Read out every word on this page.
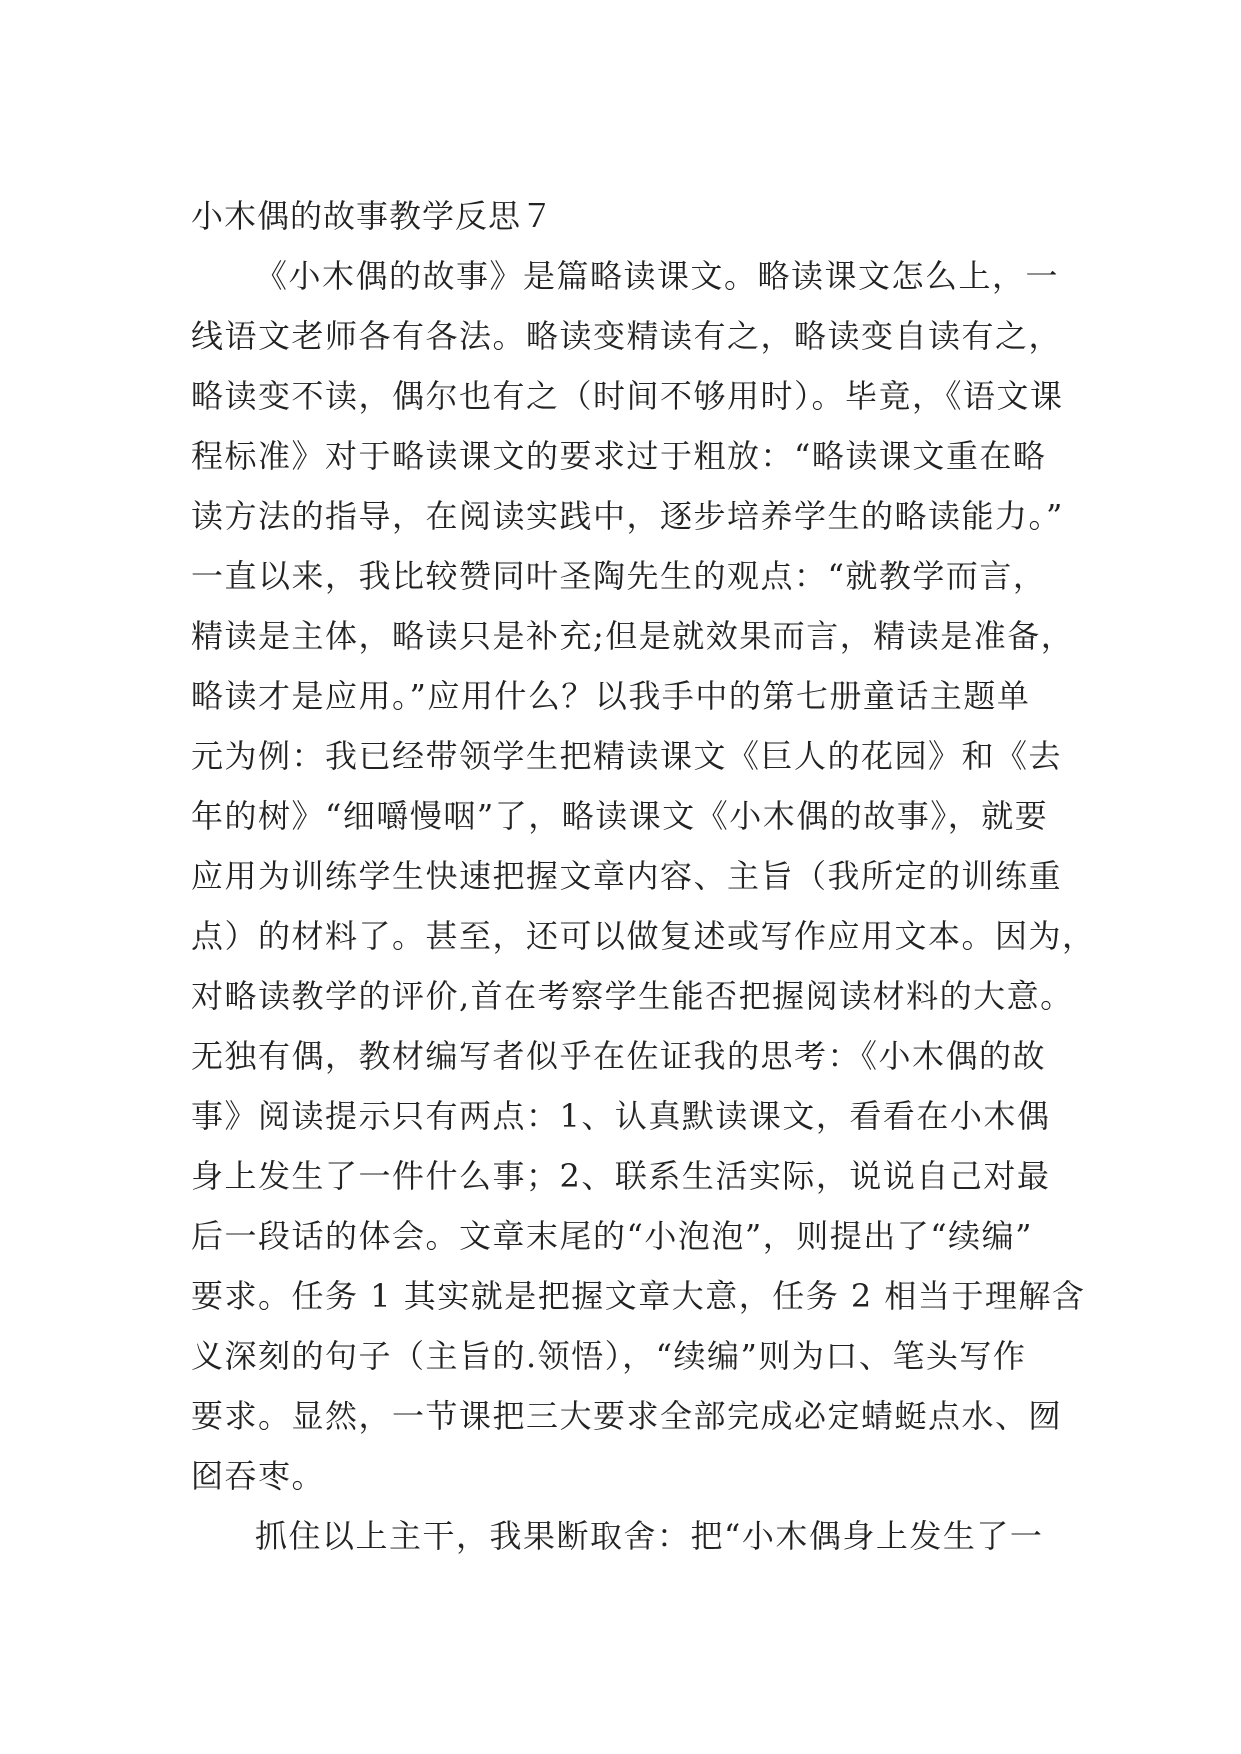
小木偶的故事教学反思７

《小木偶的故事》是篇略读课文。略读课文怎么上，一

线语文老师各有各法。略读变精读有之，略读变自读有之，

略读变不读，偶尔也有之（时间不够用时）。毕竟，《语文课

程标准》对于略读课文的要求过于粗放：“略读课文重在略

读方法的指导，在阅读实践中，逐步培养学生的略读能力。”

一直以来，我比较赞同叶圣陶先生的观点：“就教学而言，

精读是主体，略读只是补充;但是就效果而言，精读是准备，

略读才是应用。”应用什么？以我手中的第七册童话主题单

元为例：我已经带领学生把精读课文《巨人的花园》和《去

年的树》“细嚼慢咽”了，略读课文《小木偶的故事》，就要

应用为训练学生快速把握文章内容、主旨（我所定的训练重

点）的材料了。甚至，还可以做复述或写作应用文本。因为，

对略读教学的评价,首在考察学生能否把握阅读材料的大意。

无独有偶，教材编写者似乎在佐证我的思考：《小木偶的故

事》阅读提示只有两点：1、认真默读课文，看看在小木偶

身上发生了一件什么事；2、联系生活实际，说说自己对最

后一段话的体会。文章末尾的“小泡泡”，则提出了“续编”

要求。任务 1 其实就是把握文章大意，任务 2 相当于理解含

义深刻的句子（主旨的.领悟），“续编”则为口、笔头写作

要求。显然，一节课把三大要求全部完成必定蜻蜓点水、囫

囵吞枣。

抓住以上主干，我果断取舍：把“小木偶身上发生了一
